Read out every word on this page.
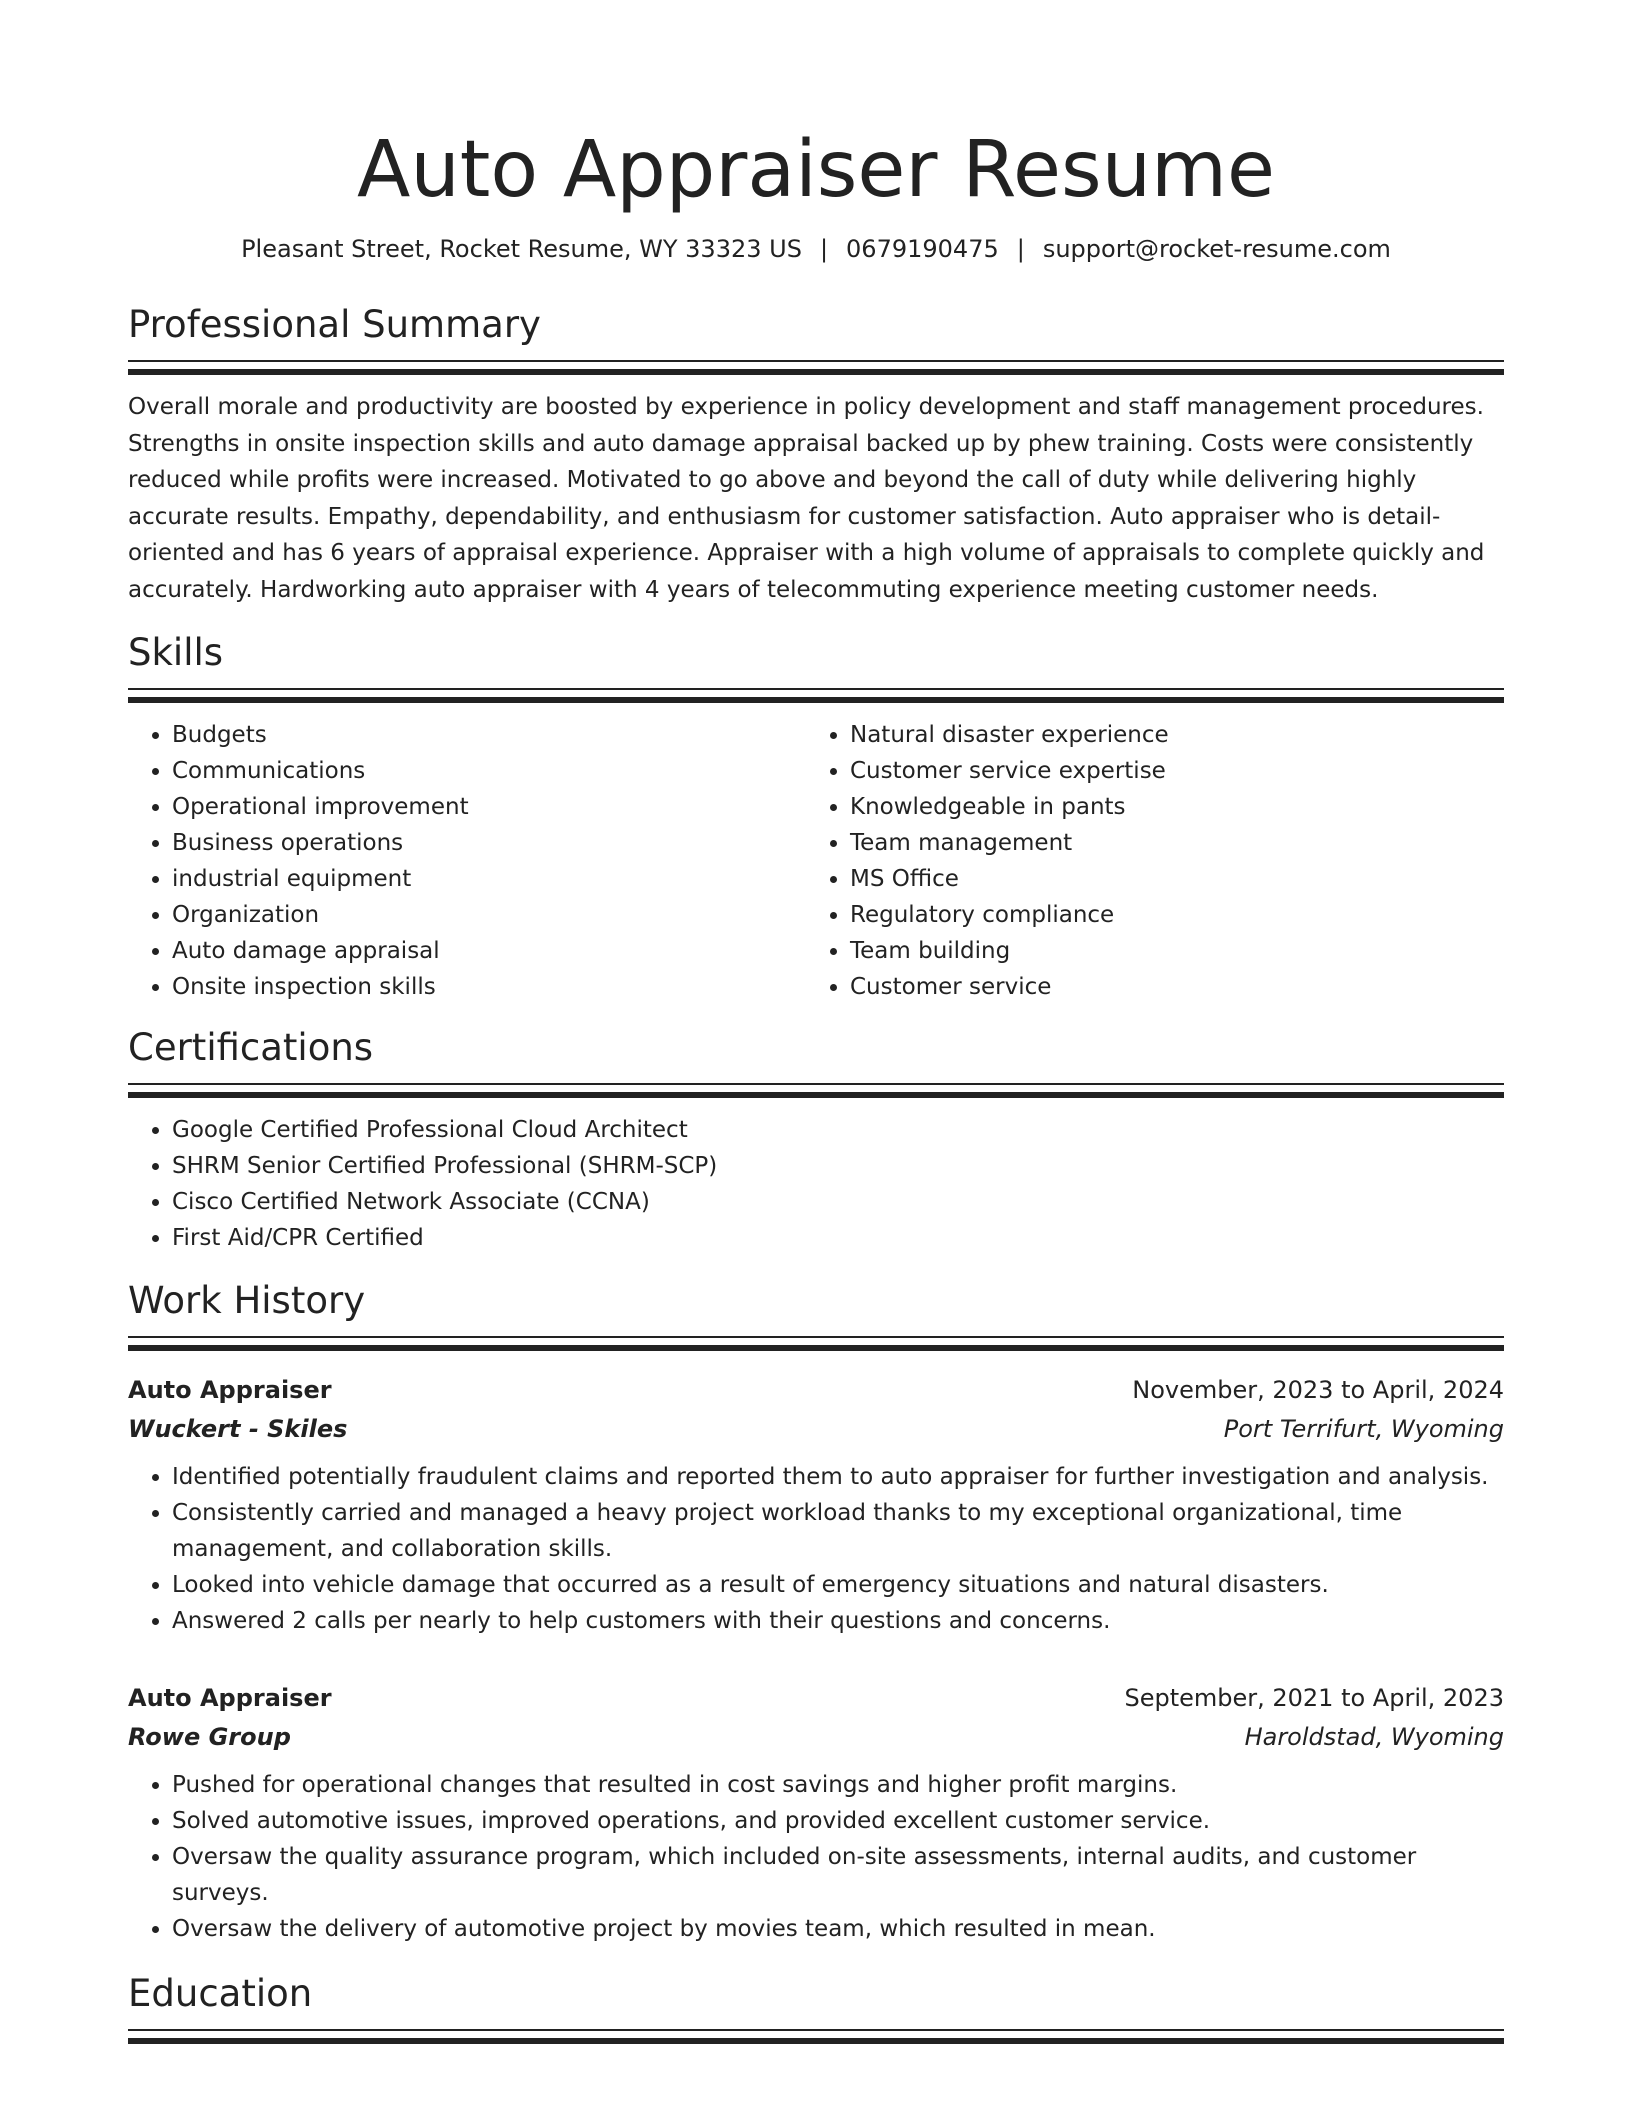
Auto Appraiser Resume
Pleasant Street, Rocket Resume, WY 33323 US | 0679190475 | support@rocket-resume.com
Professional Summary

Overall morale and productivity are boosted by experience in policy development and staff management procedures. Strengths in onsite inspection skills and auto damage appraisal backed up by phew training. Costs were consistently reduced while profits were increased. Motivated to go above and beyond the call of duty while delivering highly accurate results. Empathy, dependability, and enthusiasm for customer satisfaction. Auto appraiser who is detail-oriented and has 6 years of appraisal experience. Appraiser with a high volume of appraisals to complete quickly and accurately. Hardworking auto appraiser with 4 years of telecommuting experience meeting customer needs.

Skills
• Budgets
• Communications
• Operational improvement
• Business operations
• industrial equipment
• Organization
• Auto damage appraisal
• Onsite inspection skills
• Natural disaster experience
• Customer service expertise
• Knowledgeable in pants
• Team management
• MS Office
• Regulatory compliance
• Team building
• Customer service
Certifications
• Google Certified Professional Cloud Architect
• SHRM Senior Certified Professional (SHRM-SCP)
• Cisco Certified Network Associate (CCNA)
• First Aid/CPR Certified
Work History
Auto Appraiser	November, 2023 to April, 2024
Wuckert - Skiles	Port Terrifurt, Wyoming
• Identified potentially fraudulent claims and reported them to auto appraiser for further investigation and analysis.
• Consistently carried and managed a heavy project workload thanks to my exceptional organizational, time management, and collaboration skills.
• Looked into vehicle damage that occurred as a result of emergency situations and natural disasters.
• Answered 2 calls per nearly to help customers with their questions and concerns.
Auto Appraiser	September, 2021 to April, 2023
Rowe Group	Haroldstad, Wyoming
• Pushed for operational changes that resulted in cost savings and higher profit margins.
• Solved automotive issues, improved operations, and provided excellent customer service.
• Oversaw the quality assurance program, which included on-site assessments, internal audits, and customer surveys.
• Oversaw the delivery of automotive project by movies team, which resulted in mean.
Education
